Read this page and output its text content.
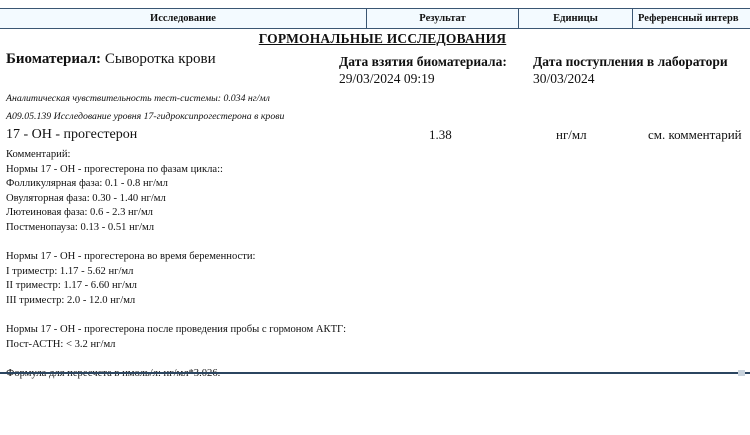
Исследование	Результат	Единицы	Референсный интерв
ГОРМОНАЛЬНЫЕ ИССЛЕДОВАНИЯ
Биоматериал: Сыворотка крови	Дата взятия биоматериала:
29/03/2024 09:19
Дата поступления в лаборатори
30/03/2024
Аналитическая чувствительность тест-системы: 0.034 нг/мл
A09.05.139 Исследование уровня 17-гидроксипрогестерона в крови
17 - ОН - прогестерон	1.38	нг/мл	см. комментарий
Комментарий:
Нормы 17 - ОН - прогестерона по фазам цикла::
Фолликулярная фаза: 0.1 - 0.8 нг/мл
Овуляторная фаза: 0.30 - 1.40 нг/мл
Лютеиновая фаза: 0.6 - 2.3 нг/мл
Постменопауза: 0.13 - 0.51 нг/мл
Нормы 17 - ОН - прогестерона во время беременности:
I триместр: 1.17 - 5.62 нг/мл
II триместр: 1.17 - 6.60 нг/мл
III триместр: 2.0 - 12.0 нг/мл
Нормы 17 - ОН - прогестерона после проведения пробы с гормоном АКТГ:
Пост-АСТН: < 3.2 нг/мл
